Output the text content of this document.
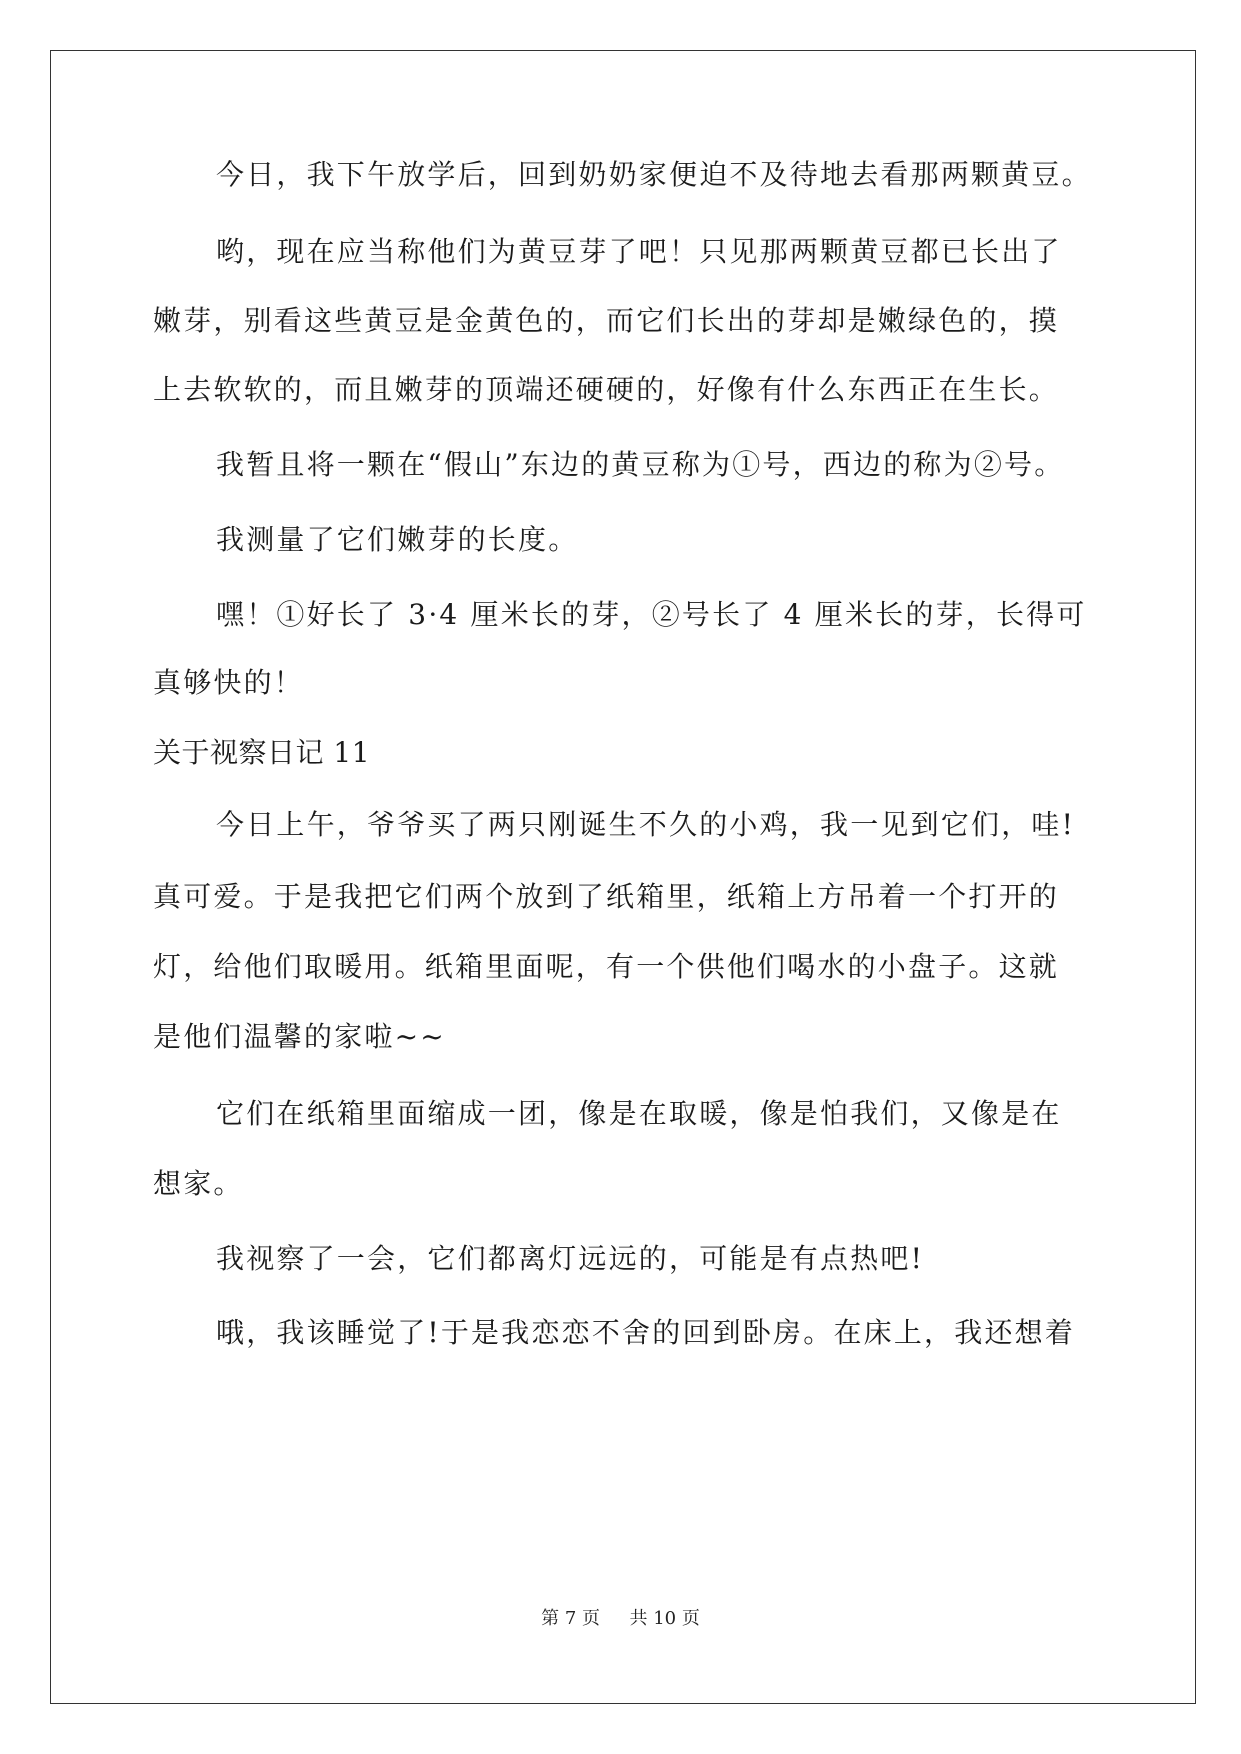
今日，我下午放学后，回到奶奶家便迫不及待地去看那两颗黄豆。
哟，现在应当称他们为黄豆芽了吧！只见那两颗黄豆都已长出了
嫩芽，别看这些黄豆是金黄色的，而它们长出的芽却是嫩绿色的，摸
上去软软的，而且嫩芽的顶端还硬硬的，好像有什么东西正在生长。
我暂且将一颗在“假山”东边的黄豆称为①号，西边的称为②号。
我测量了它们嫩芽的长度。
嘿！①好长了 3·4 厘米长的芽，②号长了 4 厘米长的芽，长得可
真够快的！
关于视察日记 11
今日上午，爷爷买了两只刚诞生不久的小鸡，我一见到它们，哇!
真可爱。于是我把它们两个放到了纸箱里，纸箱上方吊着一个打开的
灯，给他们取暖用。纸箱里面呢，有一个供他们喝水的小盘子。这就
是他们温馨的家啦~~
它们在纸箱里面缩成一团，像是在取暖，像是怕我们，又像是在
想家。
我视察了一会，它们都离灯远远的，可能是有点热吧!
哦，我该睡觉了!于是我恋恋不舍的回到卧房。在床上，我还想着
第 7 页 共 10 页
